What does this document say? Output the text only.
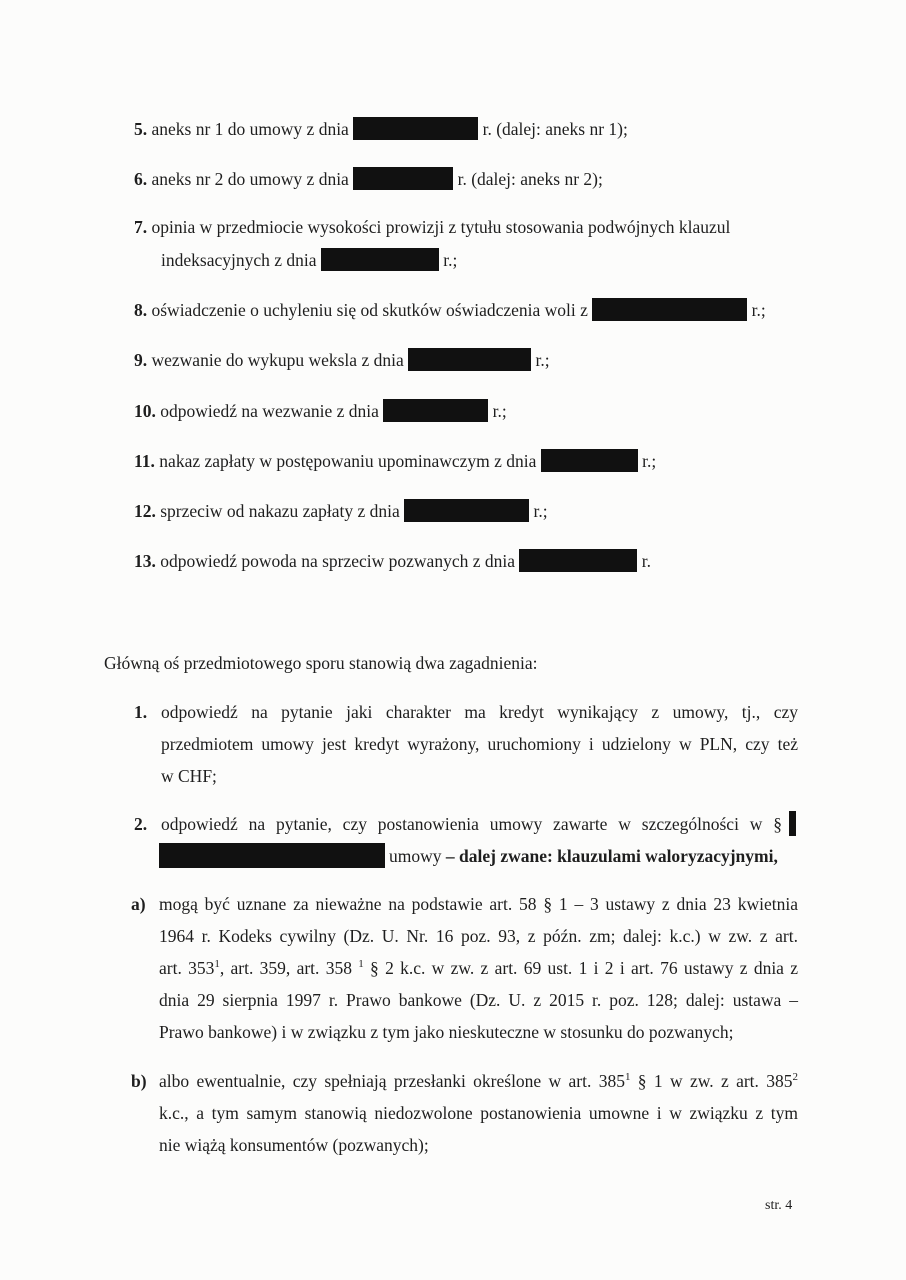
5. aneks nr 1 do umowy z dnia	r. (dalej: aneks nr 1);
6. aneks nr 2 do umowy z dnia	r. (dalej: aneks nr 2);
7. opinia w przedmiocie wysokości prowizji z tytułu stosowania podwójnych klauzul
indeksacyjnych z dnia	r.;
8. oświadczenie o uchyleniu się od skutków oświadczenia woli z	r.;
9. wezwanie do wykupu weksla z dnia	r.;
10. odpowiedź na wezwanie z dnia	r.;
11. nakaz zapłaty w postępowaniu upominawczym z dnia	r.;
12. sprzeciw od nakazu zapłaty z dnia	r.;
13. odpowiedź powoda na sprzeciw pozwanych z dnia	r.
Główną oś przedmiotowego sporu stanowią dwa zagadnienia:
1. odpowiedź na pytanie jaki charakter ma kredyt wynikający z umowy, tj., czy
przedmiotem umowy jest kredyt wyrażony, uruchomiony i udzielony w PLN, czy też
w CHF;
2. odpowiedź na pytanie, czy postanowienia umowy zawarte w szczególności w §
umowy – dalej zwane: klauzulami waloryzacyjnymi,
a) mogą być uznane za nieważne na podstawie art. 58 § 1 – 3 ustawy z dnia 23 kwietnia
1964 r. Kodeks cywilny (Dz. U. Nr. 16 poz. 93, z późn. zm; dalej: k.c.) w zw. z art.
art. $353^1$, art. 359, art. 358 $^1$ § 2 k.c. w zw. z art. 69 ust. 1 i 2 i art. 76 ustawy z dnia z
dnia 29 sierpnia 1997 r. Prawo bankowe (Dz. U. z 2015 r. poz. 128; dalej: ustawa –
Prawo bankowe) i w związku z tym jako nieskuteczne w stosunku do pozwanych;
b) albo ewentualnie, czy spełniają przesłanki określone w art. $385^1$ § 1 w zw. z art. $385^2$
k.c., a tym samym stanowią niedozwolone postanowienia umowne i w związku z tym
nie wiążą konsumentów (pozwanych);
str. 4
